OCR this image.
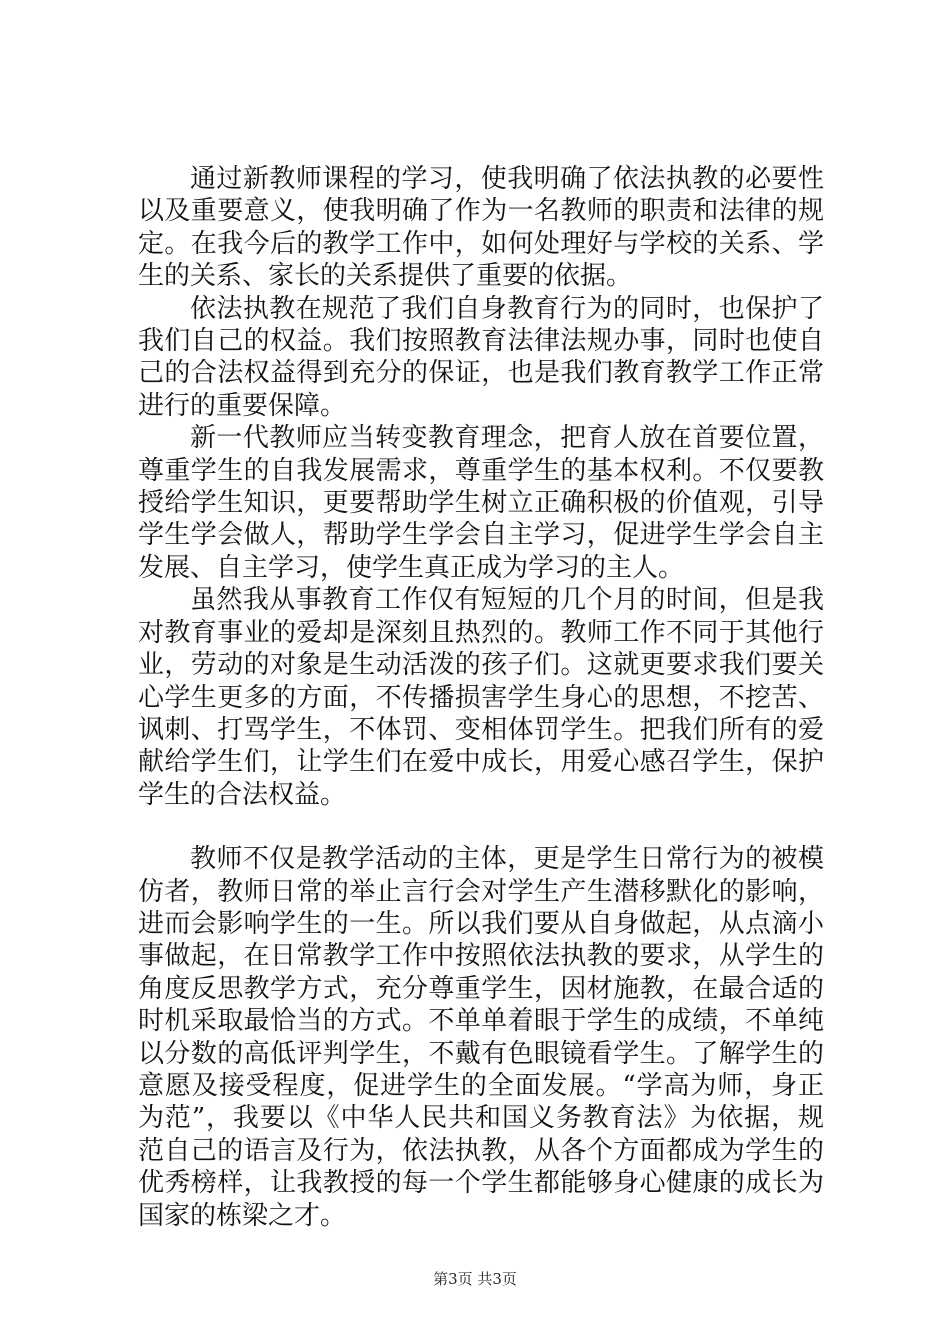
通过新教师课程的学习，使我明确了依法执教的必要性以及重要意义，使我明确了作为一名教师的职责和法律的规定。在我今后的教学工作中，如何处理好与学校的关系、学生的关系、家长的关系提供了重要的依据。

依法执教在规范了我们自身教育行为的同时，也保护了我们自己的权益。我们按照教育法律法规办事，同时也使自己的合法权益得到充分的保证，也是我们教育教学工作正常进行的重要保障。

新一代教师应当转变教育理念，把育人放在首要位置，尊重学生的自我发展需求，尊重学生的基本权利。不仅要教授给学生知识，更要帮助学生树立正确积极的价值观，引导学生学会做人，帮助学生学会自主学习，促进学生学会自主发展、自主学习，使学生真正成为学习的主人。

虽然我从事教育工作仅有短短的几个月的时间，但是我对教育事业的爱却是深刻且热烈的。教师工作不同于其他行业，劳动的对象是生动活泼的孩子们。这就更要求我们要关心学生更多的方面，不传播损害学生身心的思想，不挖苦、讽刺、打骂学生，不体罚、变相体罚学生。把我们所有的爱献给学生们，让学生们在爱中成长，用爱心感召学生，保护学生的合法权益。

教师不仅是教学活动的主体，更是学生日常行为的被模仿者，教师日常的举止言行会对学生产生潜移默化的影响，进而会影响学生的一生。所以我们要从自身做起，从点滴小事做起，在日常教学工作中按照依法执教的要求，从学生的角度反思教学方式，充分尊重学生，因材施教，在最合适的时机采取最恰当的方式。不单单着眼于学生的成绩，不单纯以分数的高低评判学生，不戴有色眼镜看学生。了解学生的意愿及接受程度，促进学生的全面发展。“学高为师，身正为范”，我要以《中华人民共和国义务教育法》为依据，规范自己的语言及行为，依法执教，从各个方面都成为学生的优秀榜样，让我教授的每一个学生都能够身心健康的成长为国家的栋梁之才。

第3页 共3页
